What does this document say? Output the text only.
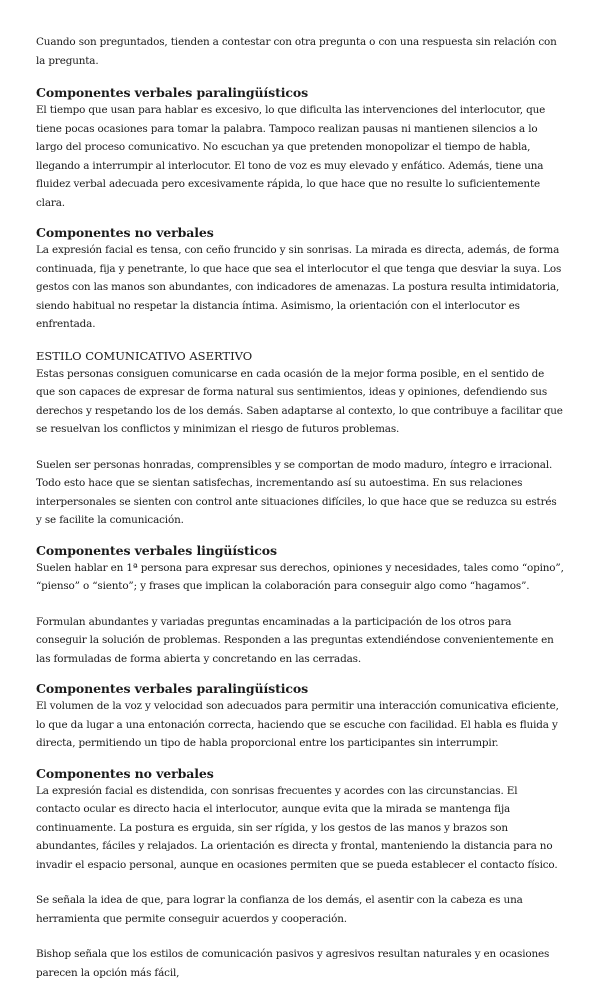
Cuando son preguntados, tienden a contestar con otra pregunta o con una respuesta sin relación con la pregunta.

Componentes verbales paralingüísticos

El tiempo que usan para hablar es excesivo, lo que dificulta las intervenciones del interlocutor, que tiene pocas ocasiones para tomar la palabra. Tampoco realizan pausas ni mantienen silencios a lo largo del proceso comunicativo. No escuchan ya que pretenden monopolizar el tiempo de habla, llegando a interrumpir al interlocutor. El tono de voz es muy elevado y enfático. Además, tiene una fluidez verbal adecuada pero excesivamente rápida, lo que hace que no resulte lo suficientemente clara.

Componentes no verbales

La expresión facial es tensa, con ceño fruncido y sin sonrisas. La mirada es directa, además, de forma continuada, fija y penetrante, lo que hace que sea el interlocutor el que tenga que desviar la suya. Los gestos con las manos son abundantes, con indicadores de amenazas. La postura resulta intimidatoria, siendo habitual no respetar la distancia íntima. Asimismo, la orientación con el interlocutor es enfrentada.

ESTILO COMUNICATIVO ASERTIVO

Estas personas consiguen comunicarse en cada ocasión de la mejor forma posible, en el sentido de que son capaces de expresar de forma natural sus sentimientos, ideas y opiniones, defendiendo sus derechos y respetando los de los demás. Saben adaptarse al contexto, lo que contribuye a facilitar que se resuelvan los conflictos y minimizan el riesgo de futuros problemas.

Suelen ser personas honradas, comprensibles y se comportan de modo maduro, íntegro e irracional. Todo esto hace que se sientan satisfechas, incrementando así su autoestima. En sus relaciones interpersonales se sienten con control ante situaciones difíciles, lo que hace que se reduzca su estrés y se facilite la comunicación.

Componentes verbales lingüísticos

Suelen hablar en 1ª persona para expresar sus derechos, opiniones y necesidades, tales como “opino”, “pienso” o “siento”; y frases que implican la colaboración para conseguir algo como “hagamos”.

Formulan abundantes y variadas preguntas encaminadas a la participación de los otros para conseguir la solución de problemas. Responden a las preguntas extendiéndose convenientemente en las formuladas de forma abierta y concretando en las cerradas.

Componentes verbales paralingüísticos

El volumen de la voz y velocidad son adecuados para permitir una interacción comunicativa eficiente, lo que da lugar a una entonación correcta, haciendo que se escuche con facilidad. El habla es fluida y directa, permitiendo un tipo de habla proporcional entre los participantes sin interrumpir.

Componentes no verbales

La expresión facial es distendida, con sonrisas frecuentes y acordes con las circunstancias. El contacto ocular es directo hacia el interlocutor, aunque evita que la mirada se mantenga fija continuamente. La postura es erguida, sin ser rígida, y los gestos de las manos y brazos son abundantes, fáciles y relajados. La orientación es directa y frontal, manteniendo la distancia para no invadir el espacio personal, aunque en ocasiones permiten que se pueda establecer el contacto físico.

Se señala la idea de que, para lograr la confianza de los demás, el asentir con la cabeza es una herramienta que permite conseguir acuerdos y cooperación.

Bishop señala que los estilos de comunicación pasivos y agresivos resultan naturales y en ocasiones parecen la opción más fácil,
